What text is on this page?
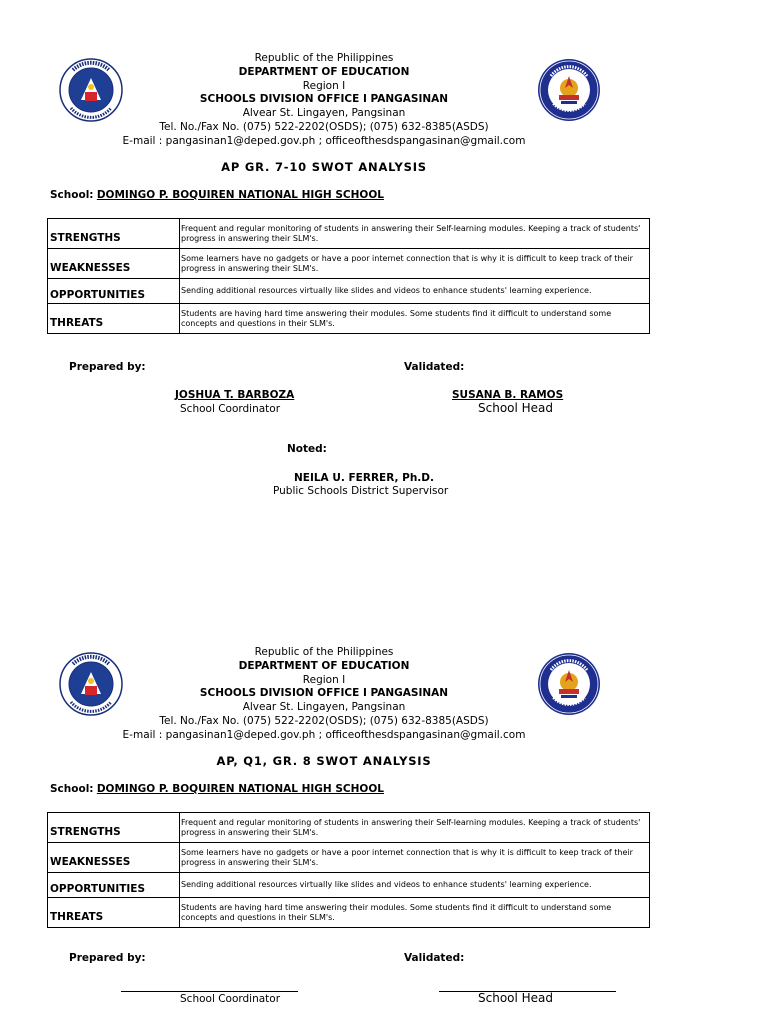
Republic of the Philippines
DEPARTMENT OF EDUCATION
Region I
SCHOOLS DIVISION OFFICE I PANGASINAN
Alvear St. Lingayen, Pangsinan
Tel. No./Fax No. (075) 522-2202(OSDS); (075) 632-8385(ASDS)
E-mail : pangasinan1@deped.gov.ph ; officeofthesdspangasinan@gmail.com
AP GR. 7-10 SWOT ANALYSIS
School: DOMINGO P. BOQUIREN NATIONAL HIGH SCHOOL
STRENGTHS	Frequent and regular monitoring of students in answering their Self-learning modules. Keeping a track of students' progress in answering their SLM's.
WEAKNESSES	Some learners have no gadgets or have a poor internet connection that is why it is difficult to keep track of their progress in answering their SLM's.
OPPORTUNITIES	Sending additional resources virtually like slides and videos to enhance students' learning experience.
THREATS	Students are having hard time answering their modules. Some students find it difficult to understand some concepts and questions in their SLM's.
Prepared by:	Validated:
JOSHUA T. BARBOZA
School Coordinator
SUSANA B. RAMOS
School Head
Noted:
NEILA U. FERRER, Ph.D.
Public Schools District Supervisor
Republic of the Philippines
DEPARTMENT OF EDUCATION
Region I
SCHOOLS DIVISION OFFICE I PANGASINAN
Alvear St. Lingayen, Pangsinan
Tel. No./Fax No. (075) 522-2202(OSDS); (075) 632-8385(ASDS)
E-mail : pangasinan1@deped.gov.ph ; officeofthesdspangasinan@gmail.com
AP, Q1, GR. 8 SWOT ANALYSIS
School: DOMINGO P. BOQUIREN NATIONAL HIGH SCHOOL
STRENGTHS	Frequent and regular monitoring of students in answering their Self-learning modules. Keeping a track of students' progress in answering their SLM's.
WEAKNESSES	Some learners have no gadgets or have a poor internet connection that is why it is difficult to keep track of their progress in answering their SLM's.
OPPORTUNITIES	Sending additional resources virtually like slides and videos to enhance students' learning experience.
THREATS	Students are having hard time answering their modules. Some students find it difficult to understand some concepts and questions in their SLM's.
Prepared by:	Validated:
School Coordinator	School Head
